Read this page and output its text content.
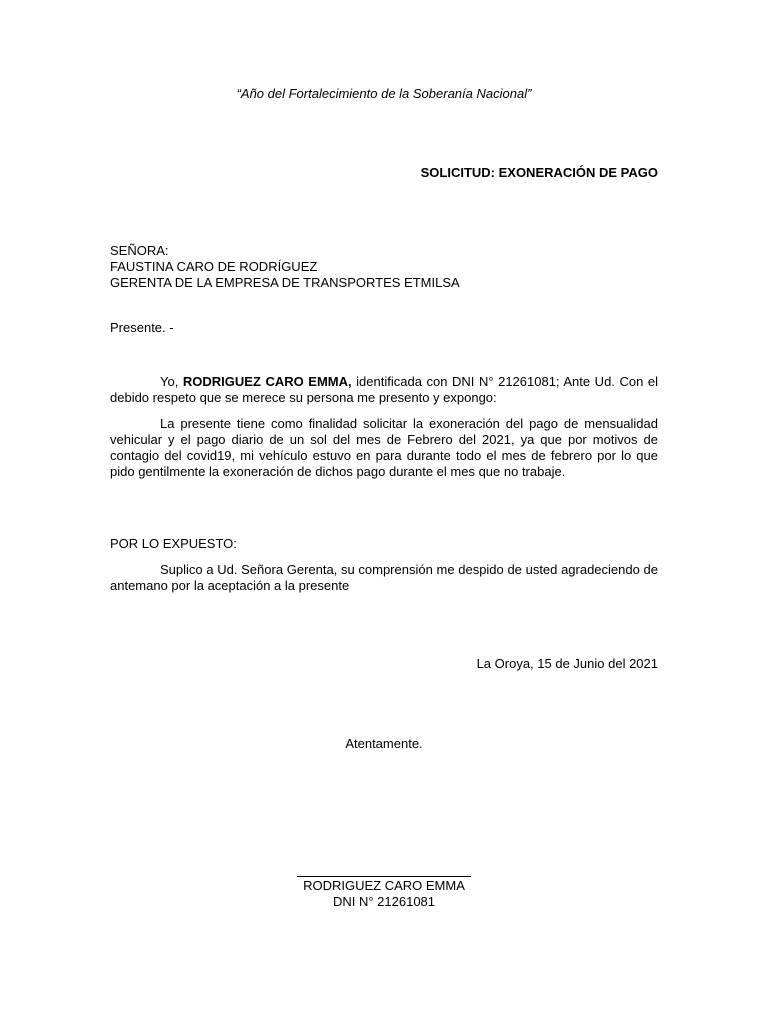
“Año del Fortalecimiento de la Soberanía Nacional”
SOLICITUD: EXONERACIÓN DE PAGO
SEÑORA:
FAUSTINA CARO DE RODRÍGUEZ
GERENTA DE LA EMPRESA DE TRANSPORTES ETMILSA
Presente. -
Yo, RODRIGUEZ CARO EMMA, identificada con DNI N° 21261081; Ante Ud. Con el debido respeto que se merece su persona me presento y expongo:
La presente tiene como finalidad solicitar la exoneración del pago de mensualidad vehicular y el pago diario de un sol del mes de Febrero del 2021, ya que por motivos de contagio del covid19, mi vehículo estuvo en para durante todo el mes de febrero por lo que pido gentilmente la exoneración de dichos pago durante el mes que no trabaje.
POR LO EXPUESTO:
Suplico a Ud. Señora Gerenta, su comprensión me despido de usted agradeciendo de antemano por la aceptación a la presente
La Oroya, 15 de Junio del 2021
Atentamente.
RODRIGUEZ CARO EMMA
DNI N° 21261081
